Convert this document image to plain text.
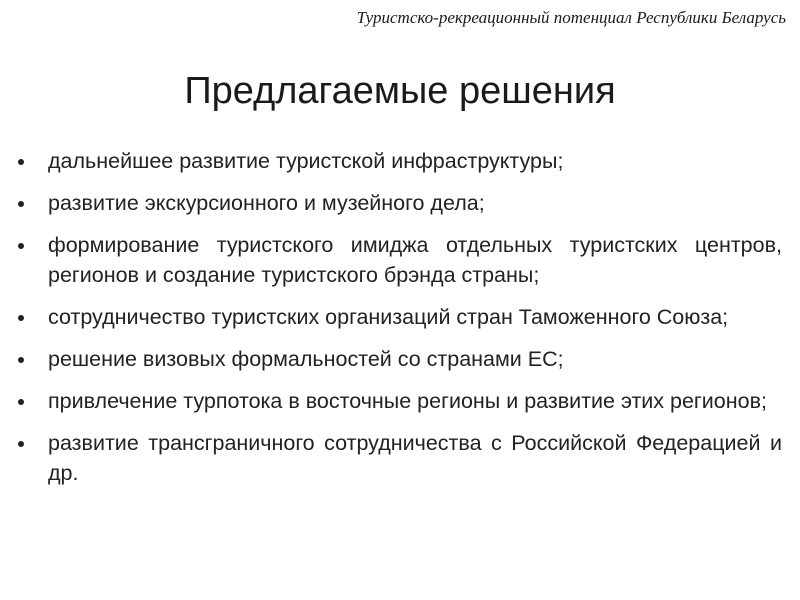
Туристско-рекреационный потенциал Республики Беларусь
Предлагаемые решения
дальнейшее развитие туристской инфраструктуры;
развитие экскурсионного и музейного дела;
формирование туристского имиджа отдельных туристских центров, регионов и создание туристского брэнда страны;
сотрудничество туристских организаций стран Таможенного Союза;
решение визовых формальностей со странами ЕС;
привлечение турпотока в восточные регионы и развитие этих регионов;
развитие трансграничного сотрудничества с Российской Федерацией и др.
